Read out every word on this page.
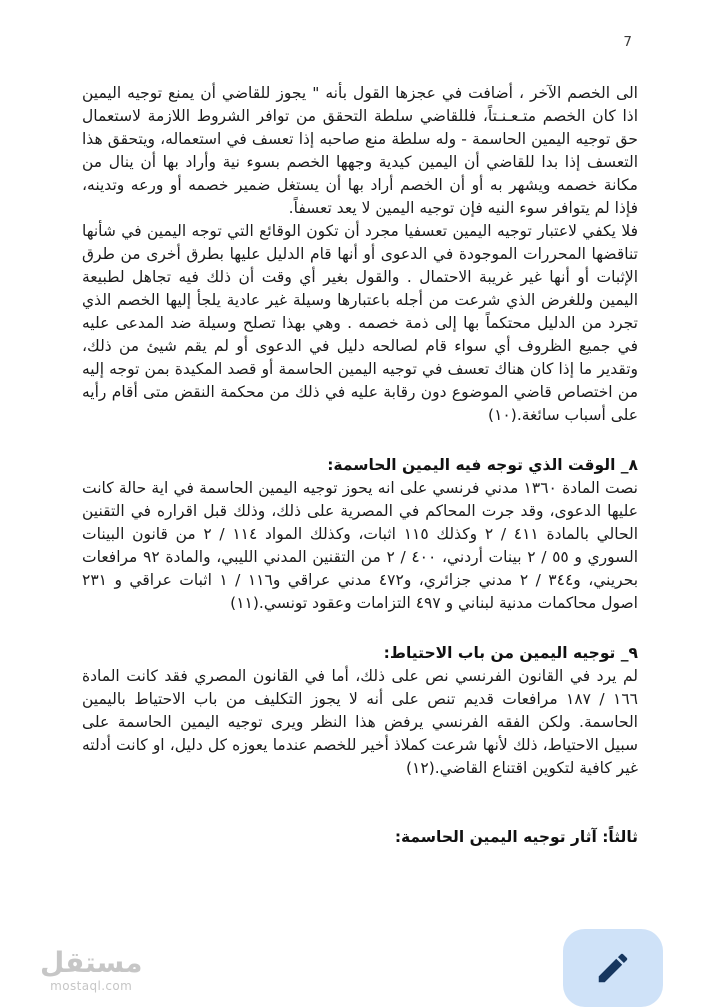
7

الى الخصم الآخر ، أضافت في عجزها القول بأنه " يجوز للقاضي أن يمنع توجيه اليمين اذا كان الخصم متـعـنـتاً، فللقاضي سلطة التحقق من توافر الشروط اللازمة لاستعمال حق توجيه اليمين الحاسمة - وله سلطة منع صاحبه إذا تعسف في استعماله، ويتحقق هذا التعسف إذا بدا للقاضي أن اليمين كيدية وجهها الخصم بسوء نية وأراد بها أن ينال من مكانة خصمه ويشهر به أو أن الخصم أراد بها أن يستغل ضمير خصمه أو ورعه وتدينه، فإذا لم يتوافر سوء النيه فإن توجيه اليمين لا يعد تعسفاً.

فلا يكفي لاعتبار توجيه اليمين تعسفيا مجرد أن تكون الوقائع التي توجه اليمين في شأنها تناقضها المحررات الموجودة في الدعوى أو أنها قام الدليل عليها بطرق أخرى من طرق الإثبات أو أنها غير غريبة الاحتمال . والقول بغير أي وقت أن ذلك فيه تجاهل لطبيعة اليمين وللغرض الذي شرعت من أجله باعتبارها وسيلة غير عادية يلجأ إليها الخصم الذي تجرد من الدليل محتكماً بها إلى ذمة خصمه . وهي بهذا تصلح وسيلة ضد المدعى عليه في جميع الظروف أي سواء قام لصالحه دليل في الدعوى أو لم يقم شيئ من ذلك، وتقدير ما إذا كان هناك تعسف في توجيه اليمين الحاسمة أو قصد المكيدة بمن توجه إليه من اختصاص قاضي الموضوع دون رقابة عليه في ذلك من محكمة النقض متى أقام رأيه على أسباب سائغة.(١٠)

٨_ الوقت الذي توجه فيه اليمين الحاسمة:

نصت المادة ١٣٦٠ مدني فرنسي على انه يحوز توجيه اليمين الحاسمة في اية حالة كانت عليها الدعوى، وقد جرت المحاكم في المصرية على ذلك، وذلك قبل اقراره في التقنين الحالي بالمادة ٤١١ / ٢ وكذلك ١١٥ اثبات، وكذلك المواد ١١٤ / ٢ من قانون البينات السوري و ٥٥ / ٢ بينات أردني، ٤٠٠ / ٢ من التقنين المدني الليبي، والمادة ٩٢ مرافعات بحريني، و٣٤٤ / ٢ مدني جزائري، و٤٧٢ مدني عراقي و١١٦ / ١ اثبات عراقي و ٢٣١ اصول محاكمات مدنية لبناني و ٤٩٧ التزامات وعقود تونسي.(١١)

٩_ توجيه اليمين من باب الاحتياط:

لم يرد في القانون الفرنسي نص على ذلك، أما في القانون المصري فقد كانت المادة ١٦٦ / ١٨٧ مرافعات قديم تنص على أنه لا يجوز التكليف من باب الاحتياط باليمين الحاسمة. ولكن الفقه الفرنسي يرفض هذا النظر ويرى توجيه اليمين الحاسمة على سبيل الاحتياط، ذلك لأنها شرعت كملاذ أخير للخصم عندما يعوزه كل دليل، او كانت أدلته غير كافية لتكوين اقتناع القاضي.(١٢)

ثالثاً: آثار توجيه اليمين الحاسمة:
مستقل
mostaql.com
